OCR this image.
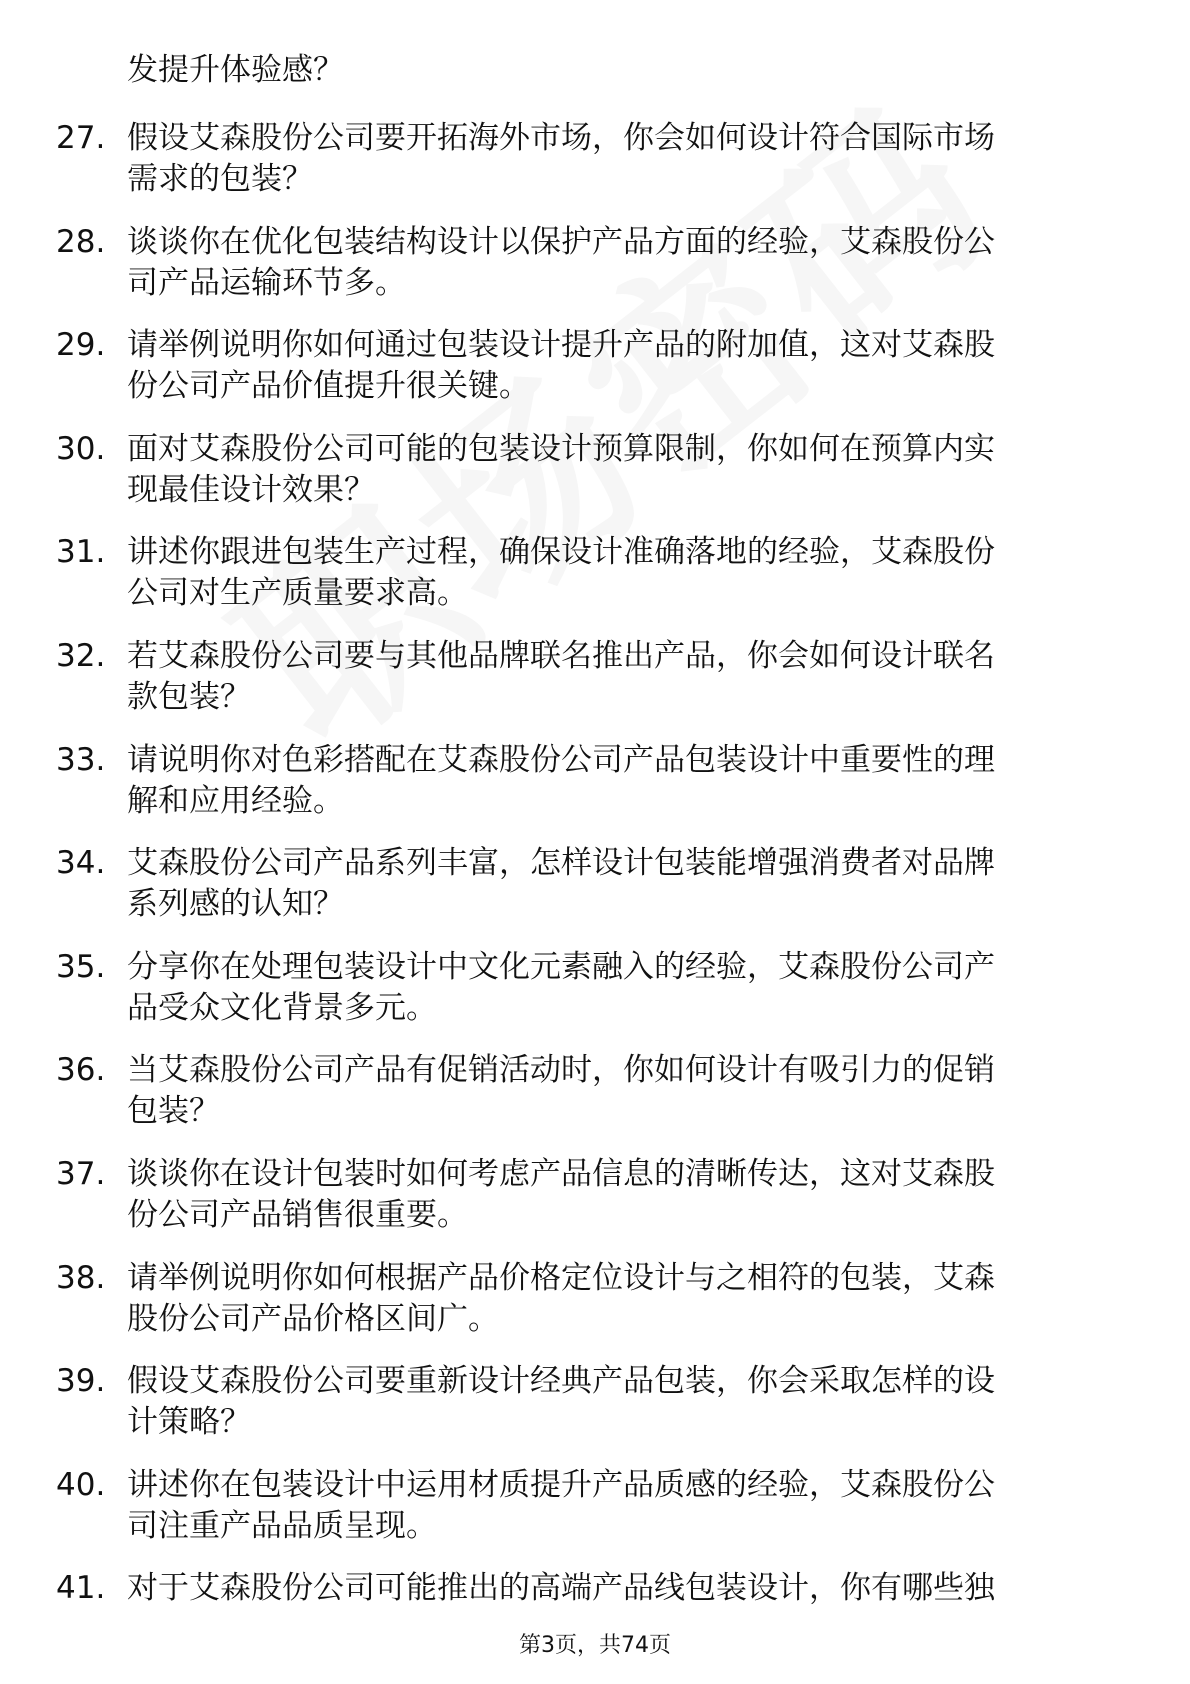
发提升体验感？
27. 假设艾森股份公司要开拓海外市场，你会如何设计符合国际市场
需求的包装？
28. 谈谈你在优化包装结构设计以保护产品方面的经验，艾森股份公
司产品运输环节多。
29. 请举例说明你如何通过包装设计提升产品的附加值，这对艾森股
份公司产品价值提升很关键。
30. 面对艾森股份公司可能的包装设计预算限制，你如何在预算内实
现最佳设计效果？
31. 讲述你跟进包装生产过程，确保设计准确落地的经验，艾森股份
公司对生产质量要求高。
32. 若艾森股份公司要与其他品牌联名推出产品，你会如何设计联名
款包装？
33. 请说明你对色彩搭配在艾森股份公司产品包装设计中重要性的理
解和应用经验。
34. 艾森股份公司产品系列丰富，怎样设计包装能增强消费者对品牌
系列感的认知？
35. 分享你在处理包装设计中文化元素融入的经验，艾森股份公司产
品受众文化背景多元。
36. 当艾森股份公司产品有促销活动时，你如何设计有吸引力的促销
包装？
37. 谈谈你在设计包装时如何考虑产品信息的清晰传达，这对艾森股
份公司产品销售很重要。
38. 请举例说明你如何根据产品价格定位设计与之相符的包装，艾森
股份公司产品价格区间广。
39. 假设艾森股份公司要重新设计经典产品包装，你会采取怎样的设
计策略？
40. 讲述你在包装设计中运用材质提升产品质感的经验，艾森股份公
司注重产品品质呈现。
41. 对于艾森股份公司可能推出的高端产品线包装设计，你有哪些独
第3页，共74页
